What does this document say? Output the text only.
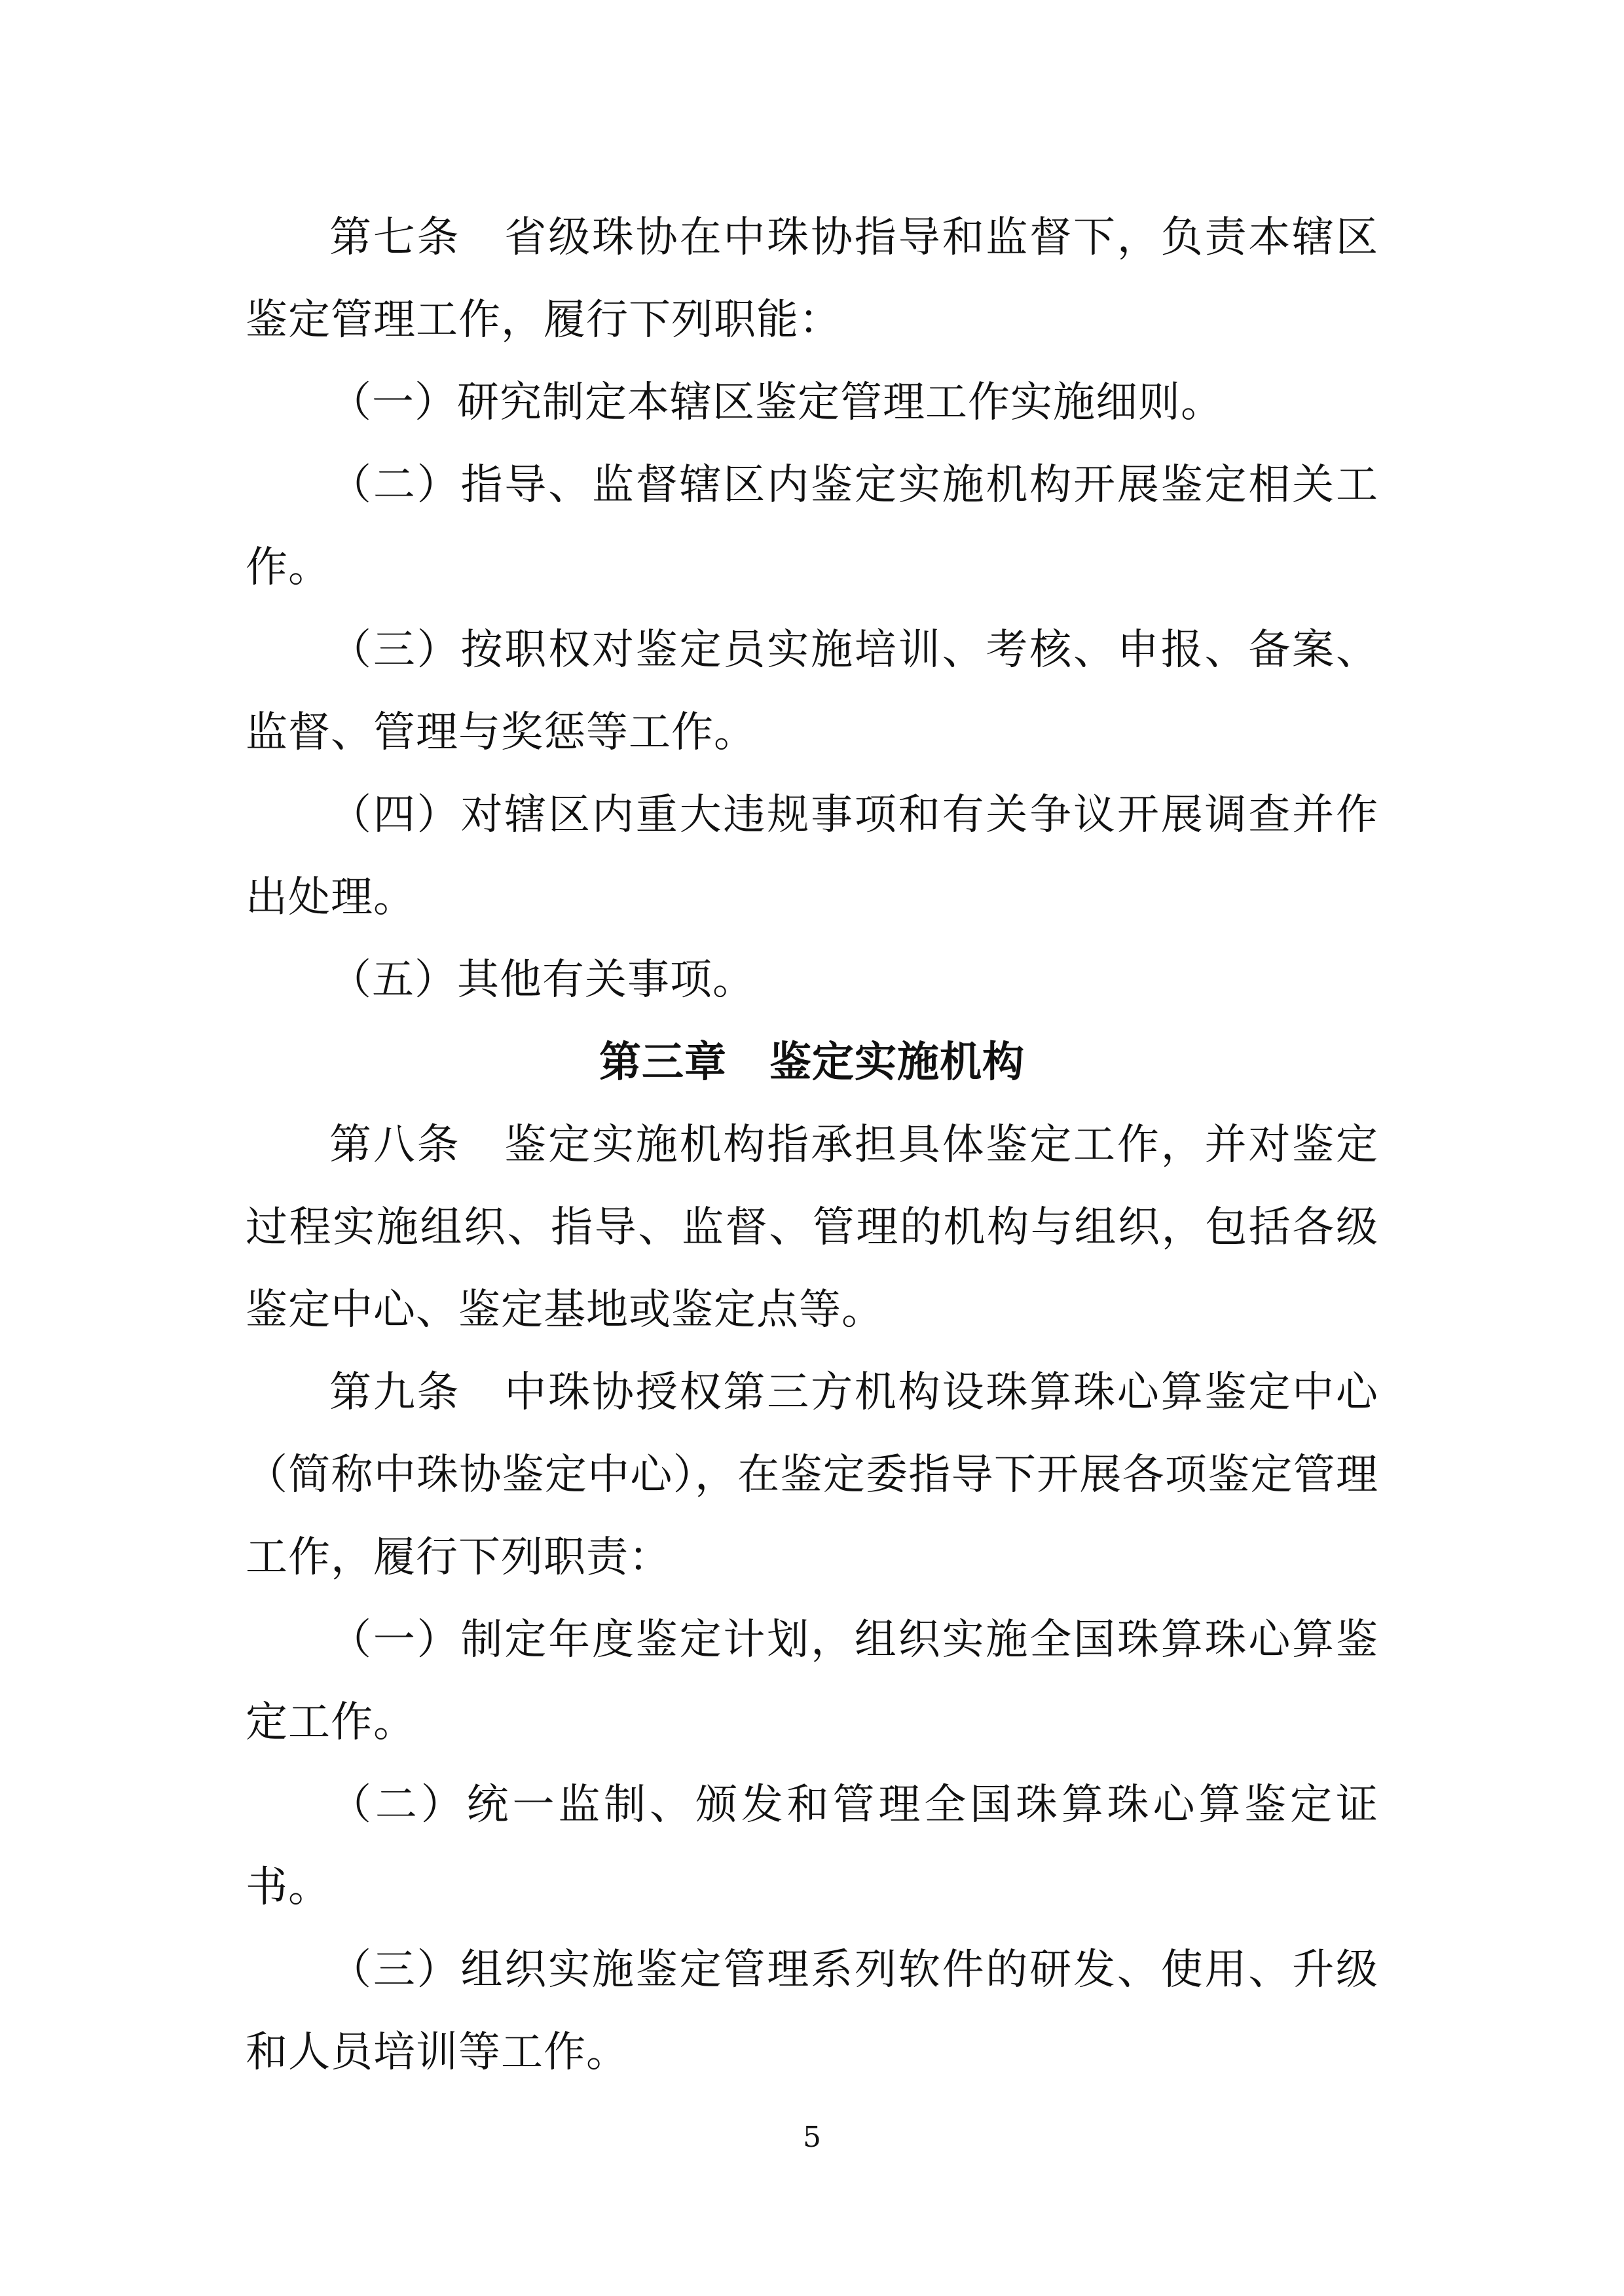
第七条　省级珠协在中珠协指导和监督下，负责本辖区鉴定管理工作，履行下列职能：

（一）研究制定本辖区鉴定管理工作实施细则。

（二）指导、监督辖区内鉴定实施机构开展鉴定相关工作。

（三）按职权对鉴定员实施培训、考核、申报、备案、监督、管理与奖惩等工作。

（四）对辖区内重大违规事项和有关争议开展调查并作出处理。

（五）其他有关事项。

第三章　鉴定实施机构

第八条　鉴定实施机构指承担具体鉴定工作，并对鉴定过程实施组织、指导、监督、管理的机构与组织，包括各级鉴定中心、鉴定基地或鉴定点等。

第九条　中珠协授权第三方机构设珠算珠心算鉴定中心（简称中珠协鉴定中心），在鉴定委指导下开展各项鉴定管理工作，履行下列职责：

（一）制定年度鉴定计划，组织实施全国珠算珠心算鉴定工作。

（二）统一监制、颁发和管理全国珠算珠心算鉴定证书。

（三）组织实施鉴定管理系列软件的研发、使用、升级和人员培训等工作。

5
